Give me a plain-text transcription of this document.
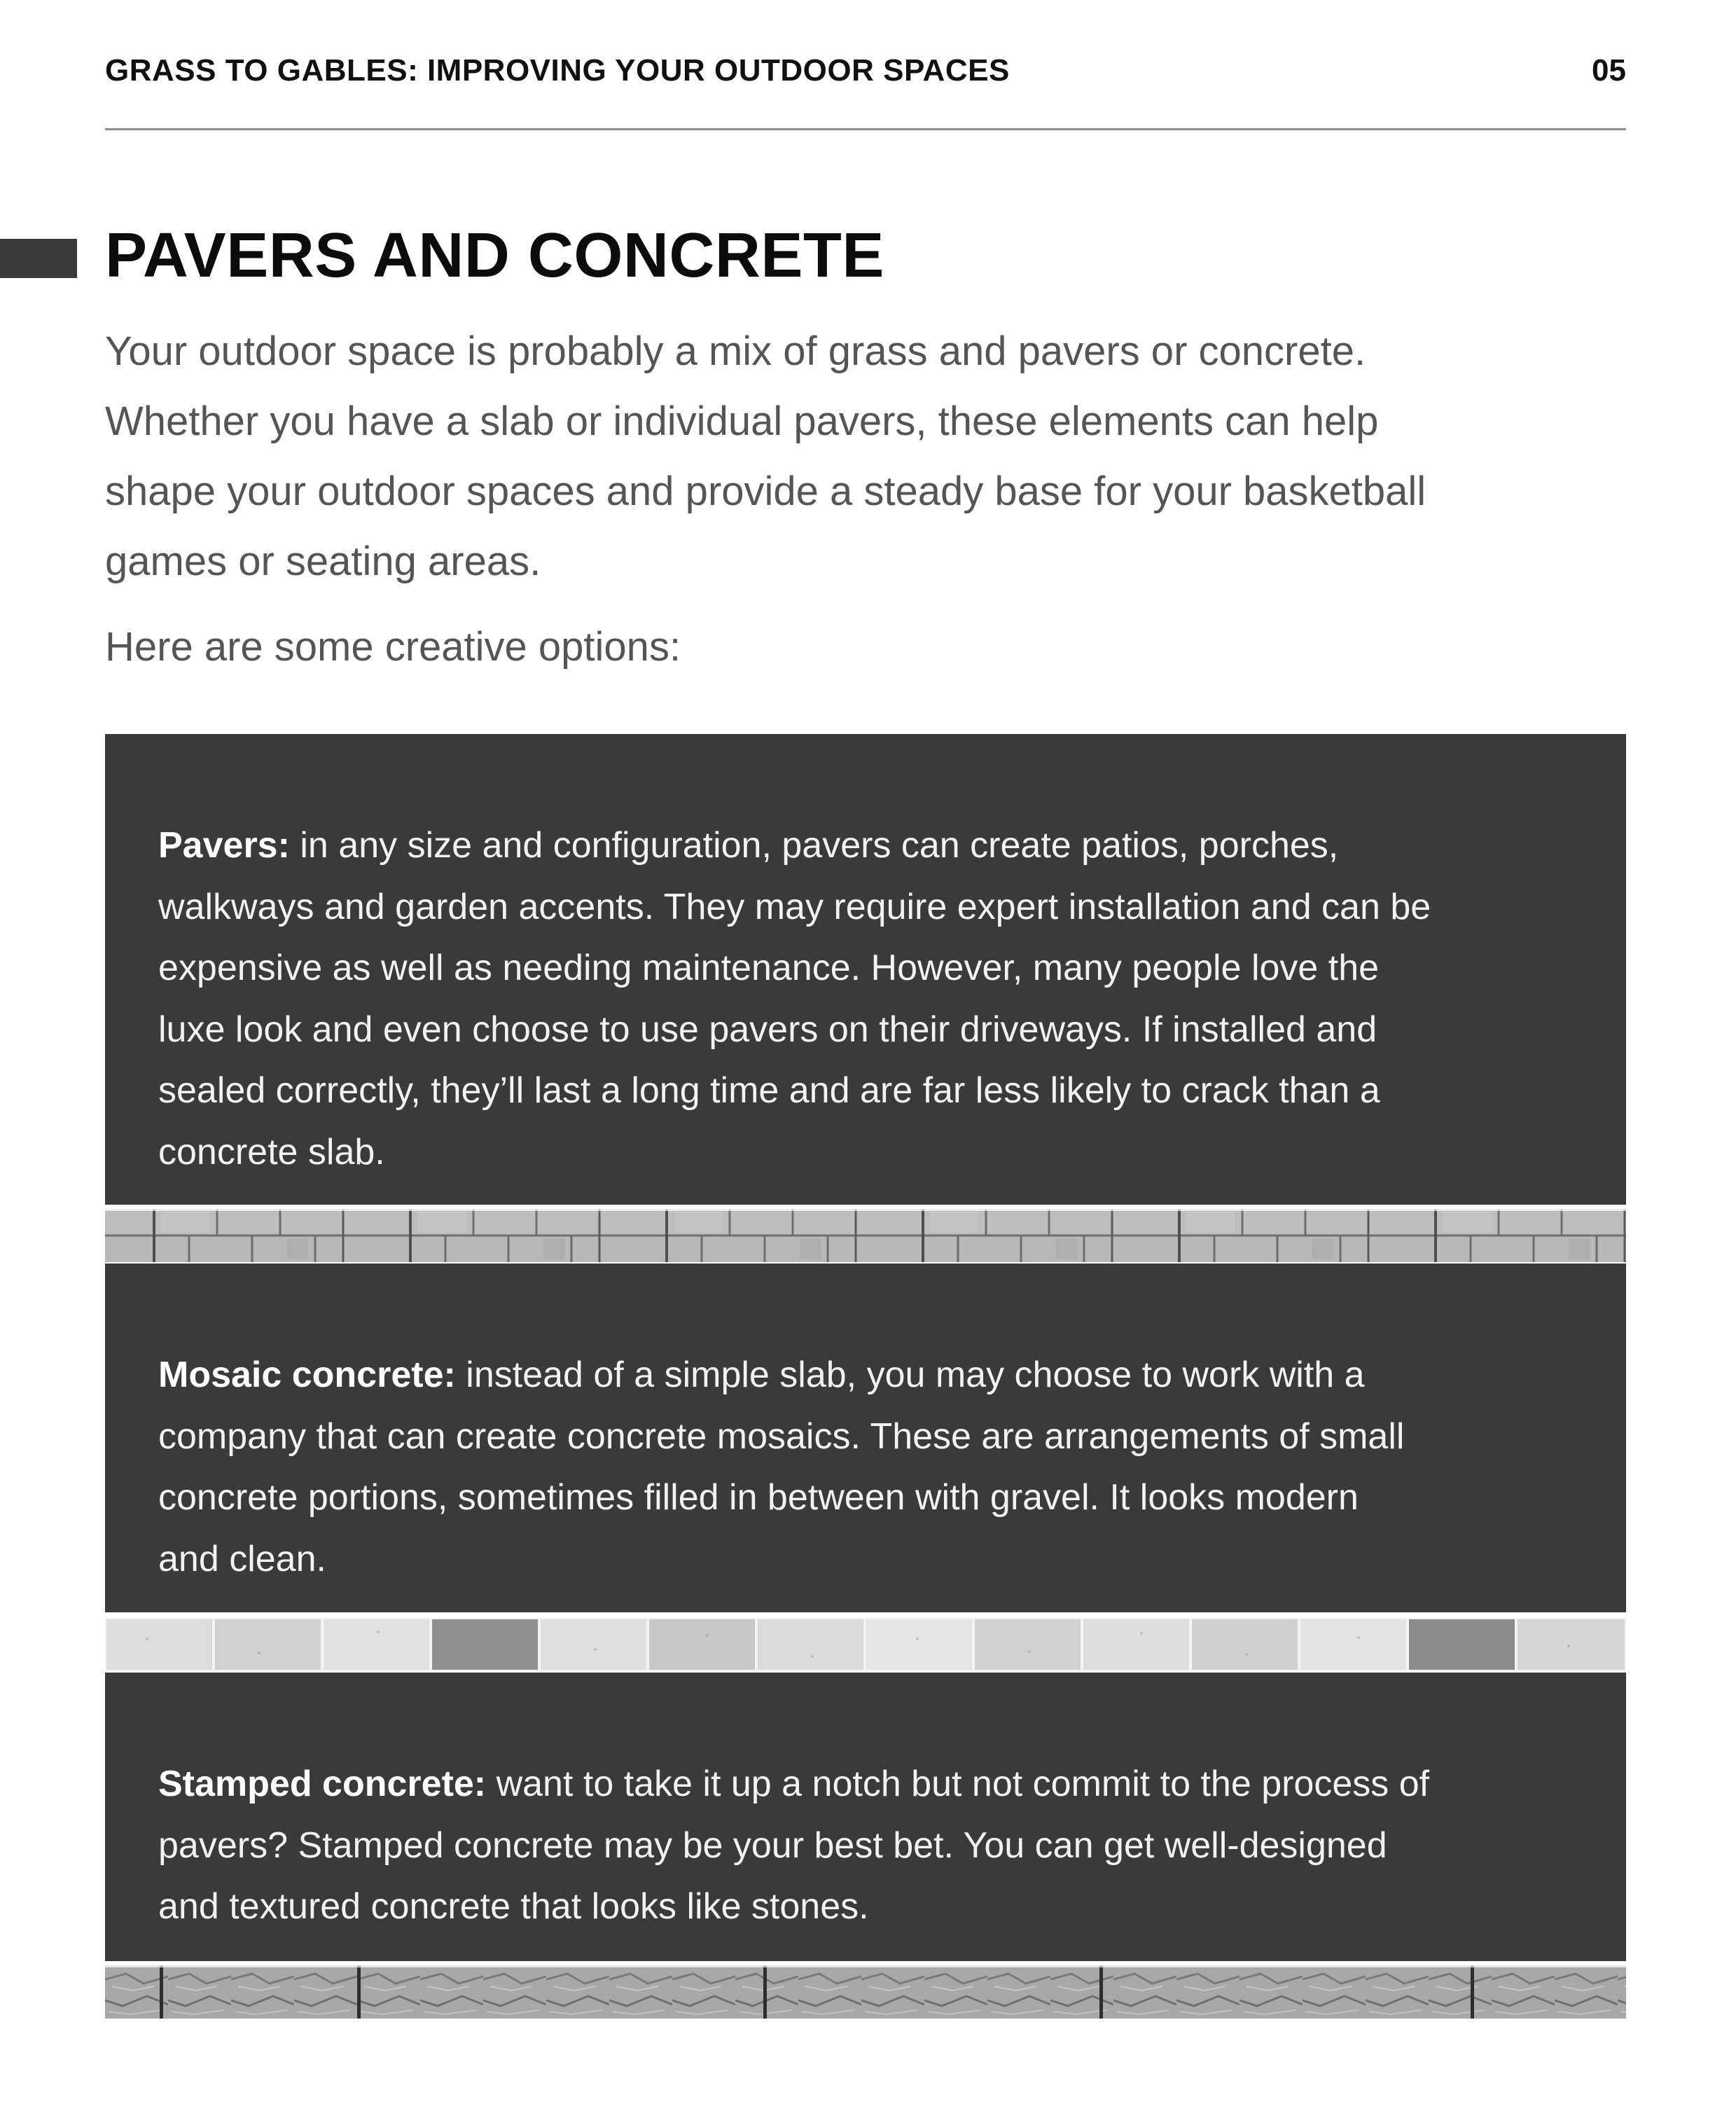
GRASS TO GABLES: IMPROVING YOUR OUTDOOR SPACES	05
PAVERS AND CONCRETE

Your outdoor space is probably a mix of grass and pavers or concrete.
Whether you have a slab or individual pavers, these elements can help
shape your outdoor spaces and provide a steady base for your basketball
games or seating areas.

Here are some creative options:

Pavers: in any size and configuration, pavers can create patios, porches,
walkways and garden accents. They may require expert installation and can be
expensive as well as needing maintenance. However, many people love the
luxe look and even choose to use pavers on their driveways. If installed and
sealed correctly, they’ll last a long time and are far less likely to crack than a
concrete slab.

Mosaic concrete: instead of a simple slab, you may choose to work with a
company that can create concrete mosaics. These are arrangements of small
concrete portions, sometimes filled in between with gravel. It looks modern
and clean.

Stamped concrete: want to take it up a notch but not commit to the process of
pavers? Stamped concrete may be your best bet. You can get well-designed
and textured concrete that looks like stones.
